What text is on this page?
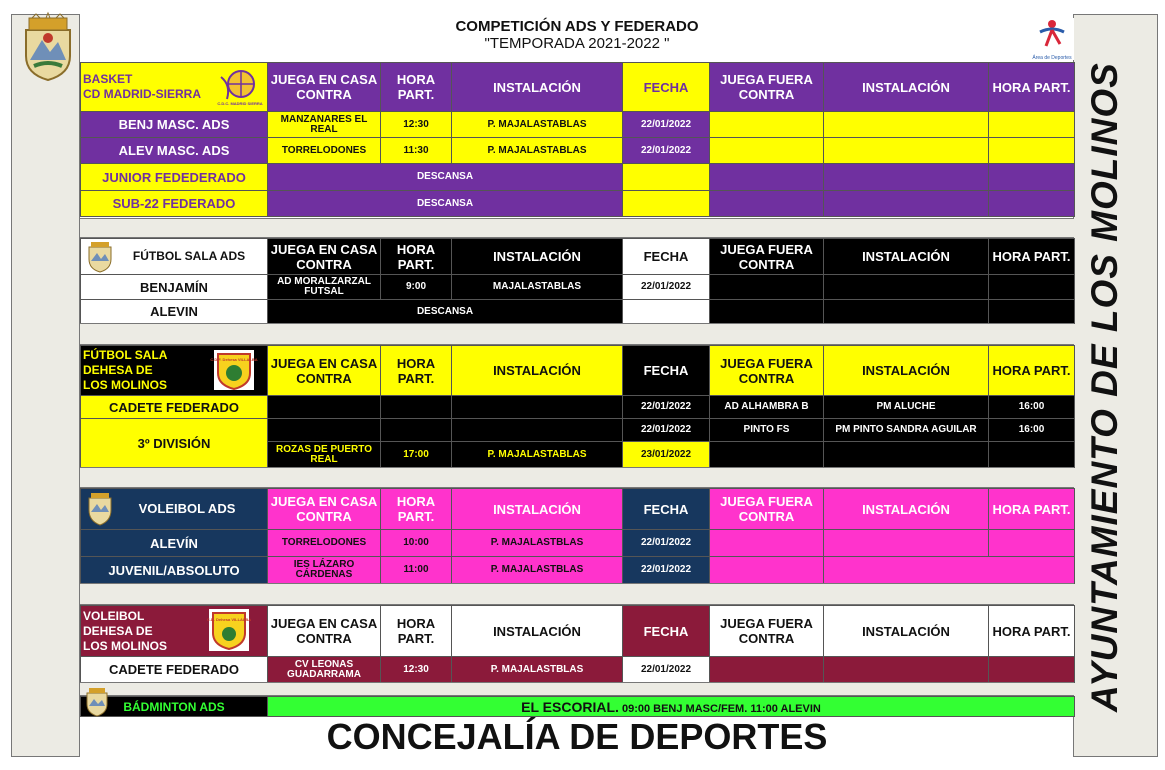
Área de Deportes
COMPETICIÓN ADS Y FEDERADO
"TEMPORADA 2021-2022 "
BASKET
CD MADRID-SIERRA
C.D.C. MADRID SIERRA	JUEGA EN CASA CONTRA	HORA PART.	INSTALACIÓN	FECHA	JUEGA FUERA CONTRA	INSTALACIÓN	HORA PART.
BENJ MASC. ADS	MANZANARES EL REAL	12:30	P. MAJALASTABLAS	22/01/2022			
ALEV MASC. ADS	TORRELODONES	11:30	P. MAJALASTABLAS	22/01/2022			
JUNIOR FEDEDERADO	DESCANSA						
SUB-22 FEDERADO	DESCANSA						
FÚTBOL SALA ADS	JUEGA EN CASA CONTRA	HORA PART.	INSTALACIÓN	FECHA	JUEGA FUERA CONTRA	INSTALACIÓN	HORA PART.
BENJAMÍN	AD MORALZARZAL FUTSAL	9:00	MAJALASTABLAS	22/01/2022			
ALEVIN	DESCANSA						
FÚTBOL SALA
DEHESA DE
LOS MOLINOS
C.D.F. Dehesa VILLALBA	JUEGA EN CASA CONTRA	HORA PART.	INSTALACIÓN	FECHA	JUEGA FUERA CONTRA	INSTALACIÓN	HORA PART.
CADETE FEDERADO				22/01/2022	AD ALHAMBRA B	PM ALUCHE	16:00
3º DIVISIÓN				22/01/2022	PINTO FS	PM PINTO SANDRA AGUILAR	16:00
	ROZAS DE PUERTO REAL	17:00	P. MAJALASTABLAS	23/01/2022			
VOLEIBOL ADS	JUEGA EN CASA CONTRA	HORA PART.	INSTALACIÓN	FECHA	JUEGA FUERA CONTRA	INSTALACIÓN	HORA PART.
ALEVÍN	TORRELODONES	10:00	P. MAJALASTBLAS	22/01/2022			
JUVENIL/ABSOLUTO	IES LÁZARO CÁRDENAS	11:00	P. MAJALASTBLAS	22/01/2022			
VOLEIBOL
DEHESA DE
LOS MOLINOS
C.D. Dehesa VILLALBA	JUEGA EN CASA CONTRA	HORA PART.	INSTALACIÓN	FECHA	JUEGA FUERA CONTRA	INSTALACIÓN	HORA PART.
CADETE FEDERADO	CV LEONAS GUADARRAMA	12:30	P. MAJALASTBLAS	22/01/2022			
BÁDMINTON ADS	EL ESCORIAL. 09:00 BENJ MASC/FEM. 11:00 ALEVIN
CONCEJALÍA DE DEPORTES
AYUNTAMIENTO DE LOS MOLINOS
